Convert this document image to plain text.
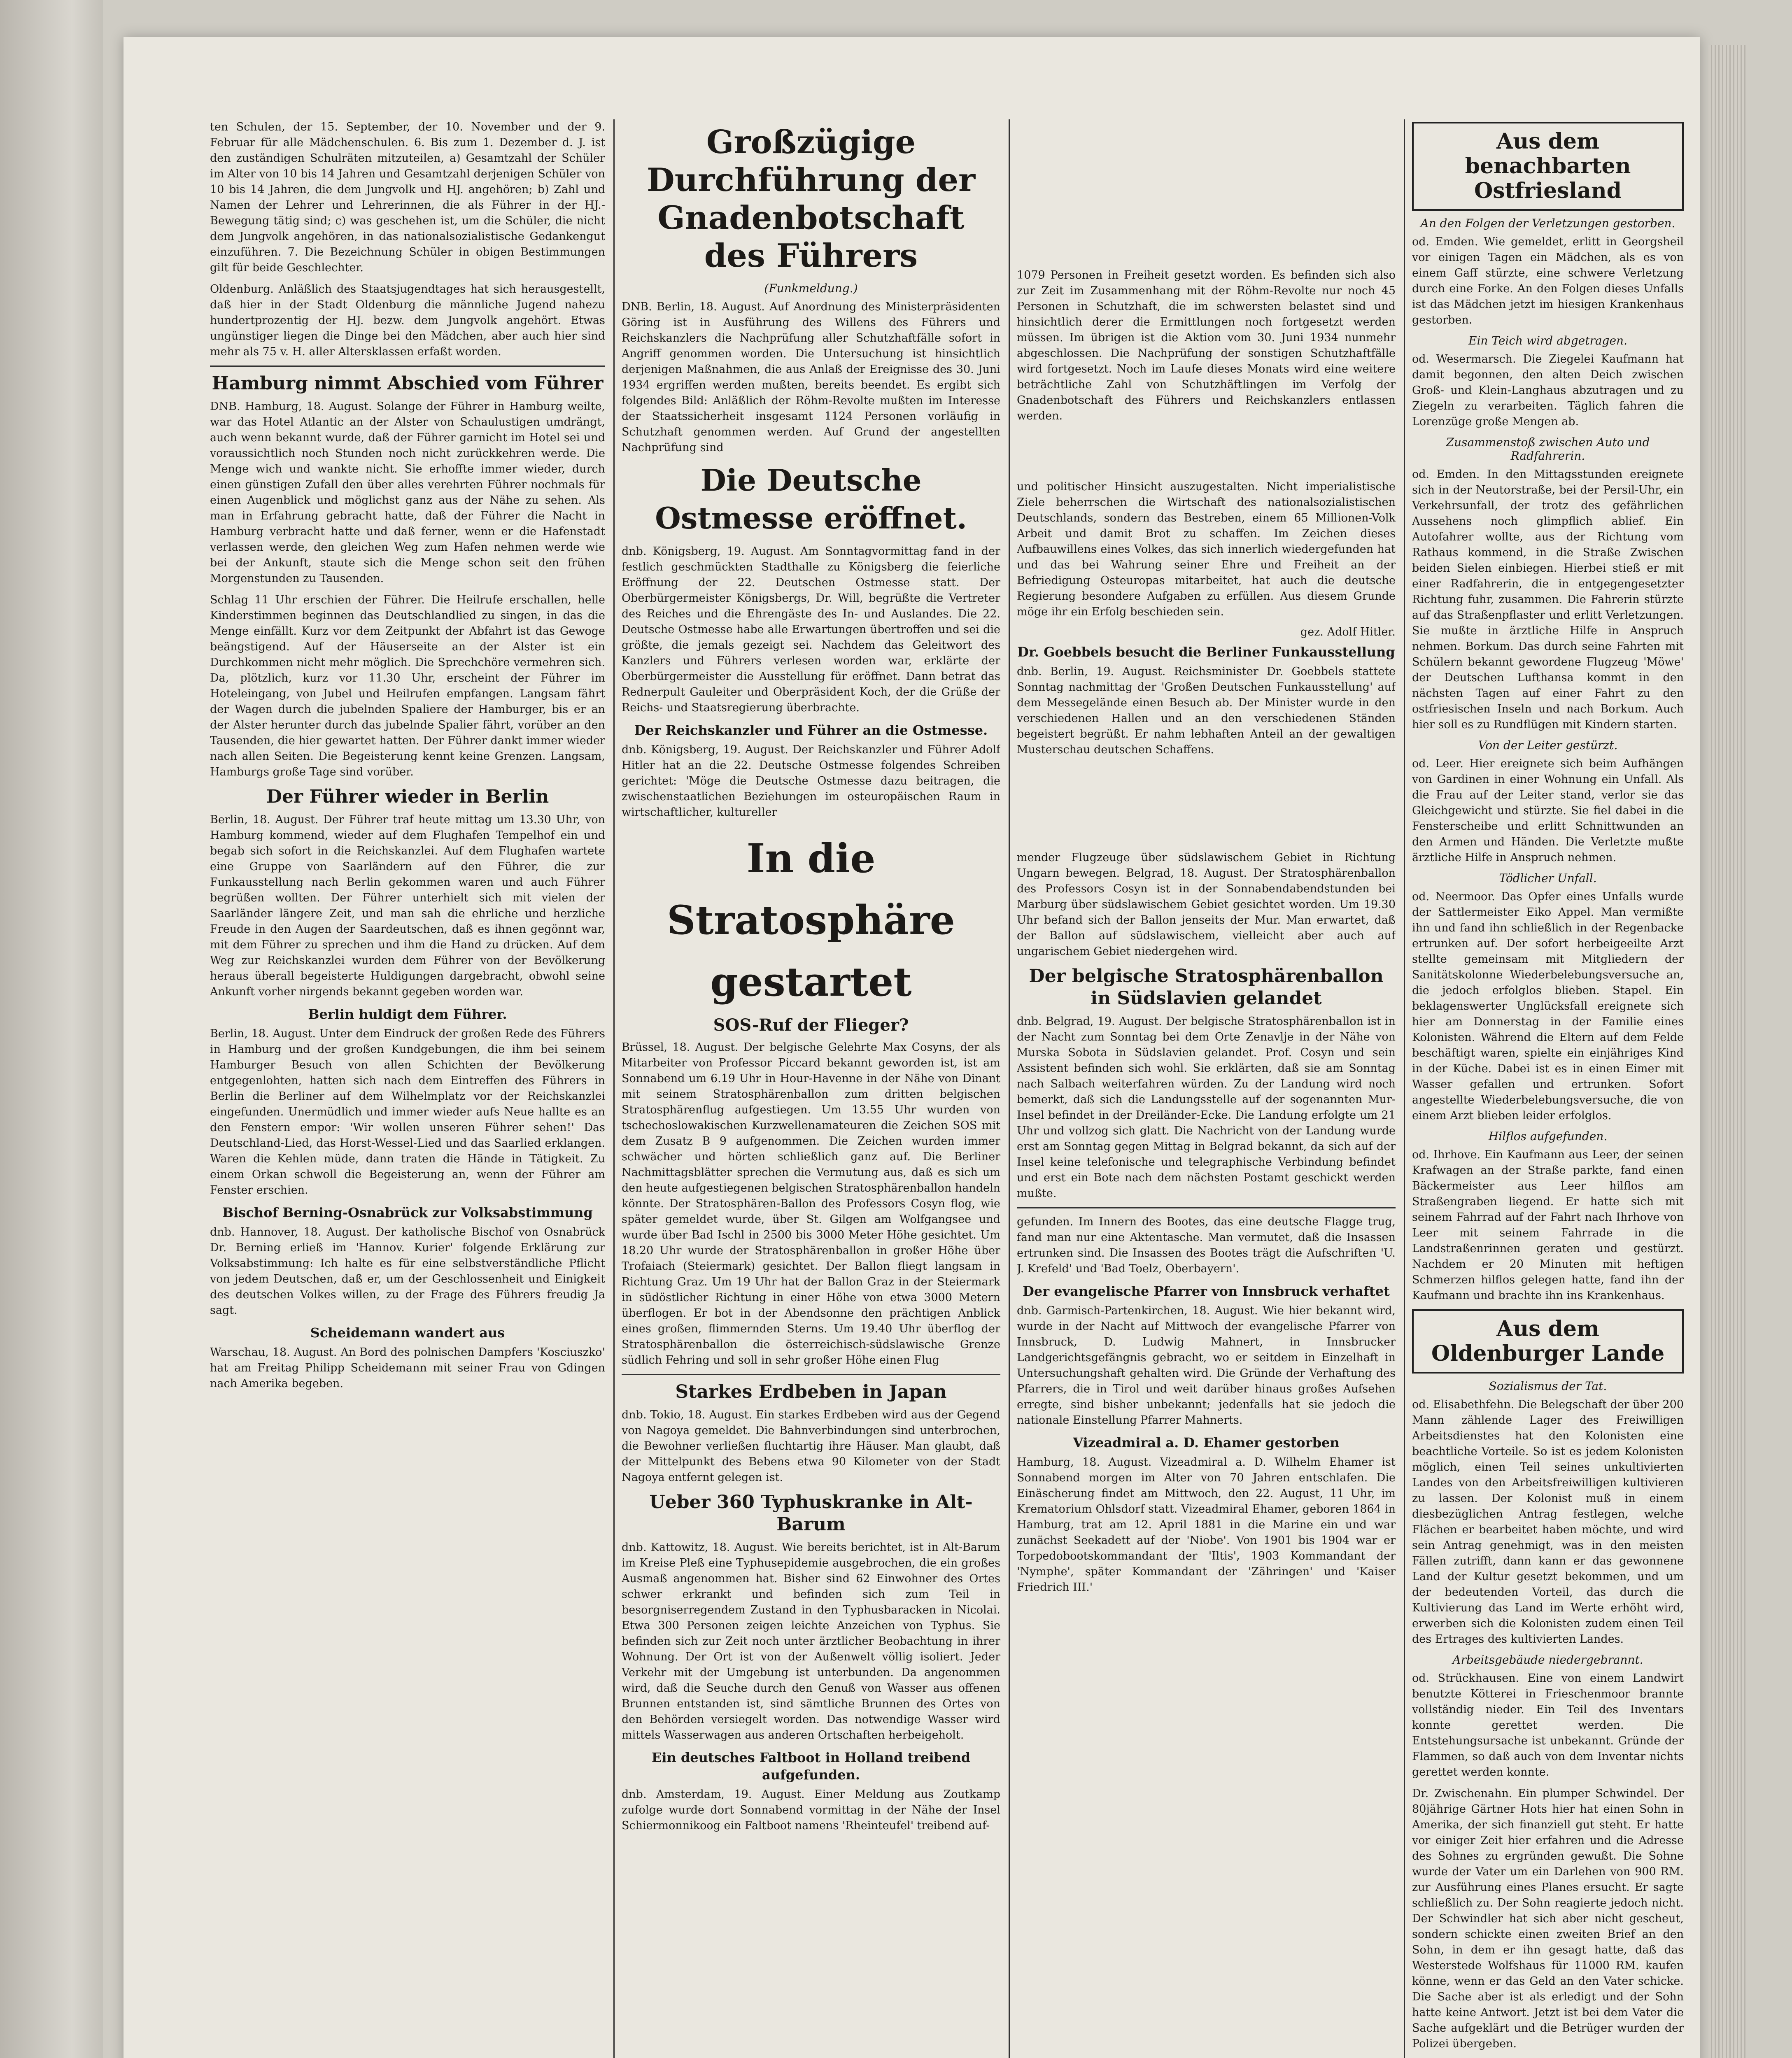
ten Schulen, der 15. September, der 10. November und der 9. Februar für alle Mädchenschulen. 6. Bis zum 1. Dezember d. J. ist den zuständigen Schulräten mitzuteilen, a) Gesamtzahl der Schüler im Alter von 10 bis 14 Jahren und Gesamtzahl derjenigen Schüler von 10 bis 14 Jahren, die dem Jungvolk und HJ. angehören; b) Zahl und Namen der Lehrer und Lehrerinnen, die als Führer in der HJ.-Bewegung tätig sind; c) was geschehen ist, um die Schüler, die nicht dem Jungvolk angehören, in das nationalsozialistische Gedankengut einzuführen. 7. Die Bezeichnung Schüler in obigen Bestimmungen gilt für beide Geschlechter.

Oldenburg. Anläßlich des Staatsjugendtages hat sich herausgestellt, daß hier in der Stadt Oldenburg die männliche Jugend nahezu hundertprozentig der HJ. bezw. dem Jungvolk angehört. Etwas ungünstiger liegen die Dinge bei den Mädchen, aber auch hier sind mehr als 75 v. H. aller Altersklassen erfaßt worden.

Hamburg nimmt Abschied vom Führer

DNB. Hamburg, 18. August. Solange der Führer in Hamburg weilte, war das Hotel Atlantic an der Alster von Schaulustigen umdrängt, auch wenn bekannt wurde, daß der Führer garnicht im Hotel sei und voraussichtlich noch Stunden noch nicht zurückkehren werde. Die Menge wich und wankte nicht. Sie erhoffte immer wieder, durch einen günstigen Zufall den über alles verehrten Führer nochmals für einen Augenblick und möglichst ganz aus der Nähe zu sehen. Als man in Erfahrung gebracht hatte, daß der Führer die Nacht in Hamburg verbracht hatte und daß ferner, wenn er die Hafenstadt verlassen werde, den gleichen Weg zum Hafen nehmen werde wie bei der Ankunft, staute sich die Menge schon seit den frühen Morgenstunden zu Tausenden.

Schlag 11 Uhr erschien der Führer. Die Heilrufe erschallen, helle Kinderstimmen beginnen das Deutschlandlied zu singen, in das die Menge einfällt. Kurz vor dem Zeitpunkt der Abfahrt ist das Gewoge beängstigend. Auf der Häuserseite an der Alster ist ein Durchkommen nicht mehr möglich. Die Sprechchöre vermehren sich. Da, plötzlich, kurz vor 11.30 Uhr, erscheint der Führer im Hoteleingang, von Jubel und Heilrufen empfangen. Langsam fährt der Wagen durch die jubelnden Spaliere der Hamburger, bis er an der Alster herunter durch das jubelnde Spalier fährt, vorüber an den Tausenden, die hier gewartet hatten. Der Führer dankt immer wieder nach allen Seiten. Die Begeisterung kennt keine Grenzen. Langsam, Hamburgs große Tage sind vorüber.

Der Führer wieder in Berlin

Berlin, 18. August. Der Führer traf heute mittag um 13.30 Uhr, von Hamburg kommend, wieder auf dem Flughafen Tempelhof ein und begab sich sofort in die Reichskanzlei. Auf dem Flughafen wartete eine Gruppe von Saarländern auf den Führer, die zur Funkausstellung nach Berlin gekommen waren und auch Führer begrüßen wollten. Der Führer unterhielt sich mit vielen der Saarländer längere Zeit, und man sah die ehrliche und herzliche Freude in den Augen der Saardeutschen, daß es ihnen gegönnt war, mit dem Führer zu sprechen und ihm die Hand zu drücken. Auf dem Weg zur Reichskanzlei wurden dem Führer von der Bevölkerung heraus überall begeisterte Huldigungen dargebracht, obwohl seine Ankunft vorher nirgends bekannt gegeben worden war.

Berlin huldigt dem Führer.

Berlin, 18. August. Unter dem Eindruck der großen Rede des Führers in Hamburg und der großen Kundgebungen, die ihm bei seinem Hamburger Besuch von allen Schichten der Bevölkerung entgegenlohten, hatten sich nach dem Eintreffen des Führers in Berlin die Berliner auf dem Wilhelmplatz vor der Reichskanzlei eingefunden. Unermüdlich und immer wieder aufs Neue hallte es an den Fenstern empor: 'Wir wollen unseren Führer sehen!' Das Deutschland-Lied, das Horst-Wessel-Lied und das Saarlied erklangen. Waren die Kehlen müde, dann traten die Hände in Tätigkeit. Zu einem Orkan schwoll die Begeisterung an, wenn der Führer am Fenster erschien.

Bischof Berning-Osnabrück zur Volksabstimmung

dnb. Hannover, 18. August. Der katholische Bischof von Osnabrück Dr. Berning erließ im 'Hannov. Kurier' folgende Erklärung zur Volksabstimmung: Ich halte es für eine selbstverständliche Pflicht von jedem Deutschen, daß er, um der Geschlossenheit und Einigkeit des deutschen Volkes willen, zu der Frage des Führers freudig Ja sagt.

Scheidemann wandert aus

Warschau, 18. August. An Bord des polnischen Dampfers 'Kosciuszko' hat am Freitag Philipp Scheidemann mit seiner Frau von Gdingen nach Amerika begeben.

Großzügige Durchführung der Gnadenbotschaft des Führers
(Funkmeldung.)

DNB. Berlin, 18. August. Auf Anordnung des Ministerpräsidenten Göring ist in Ausführung des Willens des Führers und Reichskanzlers die Nachprüfung aller Schutzhaftfälle sofort in Angriff genommen worden. Die Untersuchung ist hinsichtlich derjenigen Maßnahmen, die aus Anlaß der Ereignisse des 30. Juni 1934 ergriffen werden mußten, bereits beendet. Es ergibt sich folgendes Bild: Anläßlich der Röhm-Revolte mußten im Interesse der Staatssicherheit insgesamt 1124 Personen vorläufig in Schutzhaft genommen werden. Auf Grund der angestellten Nachprüfung sind

Die Deutsche Ostmesse eröffnet.

dnb. Königsberg, 19. August. Am Sonntagvormittag fand in der festlich geschmückten Stadthalle zu Königsberg die feierliche Eröffnung der 22. Deutschen Ostmesse statt. Der Oberbürgermeister Königsbergs, Dr. Will, begrüßte die Vertreter des Reiches und die Ehrengäste des In- und Auslandes. Die 22. Deutsche Ostmesse habe alle Erwartungen übertroffen und sei die größte, die jemals gezeigt sei. Nachdem das Geleitwort des Kanzlers und Führers verlesen worden war, erklärte der Oberbürgermeister die Ausstellung für eröffnet. Dann betrat das Rednerpult Gauleiter und Oberpräsident Koch, der die Grüße der Reichs- und Staatsregierung überbrachte.

Der Reichskanzler und Führer an die Ostmesse.

dnb. Königsberg, 19. August. Der Reichskanzler und Führer Adolf Hitler hat an die 22. Deutsche Ostmesse folgendes Schreiben gerichtet: 'Möge die Deutsche Ostmesse dazu beitragen, die zwischenstaatlichen Beziehungen im osteuropäischen Raum in wirtschaftlicher, kultureller

In die Stratosphäre gestartet
SOS-Ruf der Flieger?

Brüssel, 18. August. Der belgische Gelehrte Max Cosyns, der als Mitarbeiter von Professor Piccard bekannt geworden ist, ist am Sonnabend um 6.19 Uhr in Hour-Havenne in der Nähe von Dinant mit seinem Stratosphärenballon zum dritten belgischen Stratosphärenflug aufgestiegen. Um 13.55 Uhr wurden von tschechoslowakischen Kurzwellenamateuren die Zeichen SOS mit dem Zusatz B 9 aufgenommen. Die Zeichen wurden immer schwächer und hörten schließlich ganz auf. Die Berliner Nachmittagsblätter sprechen die Vermutung aus, daß es sich um den heute aufgestiegenen belgischen Stratosphärenballon handeln könnte. Der Stratosphären-Ballon des Professors Cosyn flog, wie später gemeldet wurde, über St. Gilgen am Wolfgangsee und wurde über Bad Ischl in 2500 bis 3000 Meter Höhe gesichtet. Um 18.20 Uhr wurde der Stratosphärenballon in großer Höhe über Trofaiach (Steiermark) gesichtet. Der Ballon fliegt langsam in Richtung Graz. Um 19 Uhr hat der Ballon Graz in der Steiermark in südöstlicher Richtung in einer Höhe von etwa 3000 Metern überflogen. Er bot in der Abendsonne den prächtigen Anblick eines großen, flimmernden Sterns. Um 19.40 Uhr überflog der Stratosphärenballon die österreichisch-südslawische Grenze südlich Fehring und soll in sehr großer Höhe einen Flug

Starkes Erdbeben in Japan

dnb. Tokio, 18. August. Ein starkes Erdbeben wird aus der Gegend von Nagoya gemeldet. Die Bahnverbindungen sind unterbrochen, die Bewohner verließen fluchtartig ihre Häuser. Man glaubt, daß der Mittelpunkt des Bebens etwa 90 Kilometer von der Stadt Nagoya entfernt gelegen ist.

Ueber 360 Typhuskranke in Alt-Barum

dnb. Kattowitz, 18. August. Wie bereits berichtet, ist in Alt-Barum im Kreise Pleß eine Typhusepidemie ausgebrochen, die ein großes Ausmaß angenommen hat. Bisher sind 62 Einwohner des Ortes schwer erkrankt und befinden sich zum Teil in besorgniserregendem Zustand in den Typhusbaracken in Nicolai. Etwa 300 Personen zeigen leichte Anzeichen von Typhus. Sie befinden sich zur Zeit noch unter ärztlicher Beobachtung in ihrer Wohnung. Der Ort ist von der Außenwelt völlig isoliert. Jeder Verkehr mit der Umgebung ist unterbunden. Da angenommen wird, daß die Seuche durch den Genuß von Wasser aus offenen Brunnen entstanden ist, sind sämtliche Brunnen des Ortes von den Behörden versiegelt worden. Das notwendige Wasser wird mittels Wasserwagen aus anderen Ortschaften herbeigeholt.

Ein deutsches Faltboot in Holland treibend aufgefunden.

dnb. Amsterdam, 19. August. Einer Meldung aus Zoutkamp zufolge wurde dort Sonnabend vormittag in der Nähe der Insel Schiermonnikoog ein Faltboot namens 'Rheinteufel' treibend auf-

1079 Personen in Freiheit gesetzt worden. Es befinden sich also zur Zeit im Zusammenhang mit der Röhm-Revolte nur noch 45 Personen in Schutzhaft, die im schwersten belastet sind und hinsichtlich derer die Ermittlungen noch fortgesetzt werden müssen. Im übrigen ist die Aktion vom 30. Juni 1934 nunmehr abgeschlossen. Die Nachprüfung der sonstigen Schutzhaftfälle wird fortgesetzt. Noch im Laufe dieses Monats wird eine weitere beträchtliche Zahl von Schutzhäftlingen im Verfolg der Gnadenbotschaft des Führers und Reichskanzlers entlassen werden.

und politischer Hinsicht auszugestalten. Nicht imperialistische Ziele beherrschen die Wirtschaft des nationalsozialistischen Deutschlands, sondern das Bestreben, einem 65 Millionen-Volk Arbeit und damit Brot zu schaffen. Im Zeichen dieses Aufbauwillens eines Volkes, das sich innerlich wiedergefunden hat und das bei Wahrung seiner Ehre und Freiheit an der Befriedigung Osteuropas mitarbeitet, hat auch die deutsche Regierung besondere Aufgaben zu erfüllen. Aus diesem Grunde möge ihr ein Erfolg beschieden sein.

gez. Adolf Hitler.
Dr. Goebbels besucht die Berliner Funkausstellung

dnb. Berlin, 19. August. Reichsminister Dr. Goebbels stattete Sonntag nachmittag der 'Großen Deutschen Funkausstellung' auf dem Messegelände einen Besuch ab. Der Minister wurde in den verschiedenen Hallen und an den verschiedenen Ständen begeistert begrüßt. Er nahm lebhaften Anteil an der gewaltigen Musterschau deutschen Schaffens.

mender Flugzeuge über südslawischem Gebiet in Richtung Ungarn bewegen. Belgrad, 18. August. Der Stratosphärenballon des Professors Cosyn ist in der Sonnabendabendstunden bei Marburg über südslawischem Gebiet gesichtet worden. Um 19.30 Uhr befand sich der Ballon jenseits der Mur. Man erwartet, daß der Ballon auf südslawischem, vielleicht aber auch auf ungarischem Gebiet niedergehen wird.

Der belgische Stratosphärenballon in Südslavien gelandet

dnb. Belgrad, 19. August. Der belgische Stratosphärenballon ist in der Nacht zum Sonntag bei dem Orte Zenavlje in der Nähe von Murska Sobota in Südslavien gelandet. Prof. Cosyn und sein Assistent befinden sich wohl. Sie erklärten, daß sie am Sonntag nach Salbach weiterfahren würden. Zu der Landung wird noch bemerkt, daß sich die Landungsstelle auf der sogenannten Mur-Insel befindet in der Dreiländer-Ecke. Die Landung erfolgte um 21 Uhr und vollzog sich glatt. Die Nachricht von der Landung wurde erst am Sonntag gegen Mittag in Belgrad bekannt, da sich auf der Insel keine telefonische und telegraphische Verbindung befindet und erst ein Bote nach dem nächsten Postamt geschickt werden mußte.

gefunden. Im Innern des Bootes, das eine deutsche Flagge trug, fand man nur eine Aktentasche. Man vermutet, daß die Insassen ertrunken sind. Die Insassen des Bootes trägt die Aufschriften 'U. J. Krefeld' und 'Bad Toelz, Oberbayern'.

Der evangelische Pfarrer von Innsbruck verhaftet

dnb. Garmisch-Partenkirchen, 18. August. Wie hier bekannt wird, wurde in der Nacht auf Mittwoch der evangelische Pfarrer von Innsbruck, D. Ludwig Mahnert, in Innsbrucker Landgerichtsgefängnis gebracht, wo er seitdem in Einzelhaft in Untersuchungshaft gehalten wird. Die Gründe der Verhaftung des Pfarrers, die in Tirol und weit darüber hinaus großes Aufsehen erregte, sind bisher unbekannt; jedenfalls hat sie jedoch die nationale Einstellung Pfarrer Mahnerts.

Vizeadmiral a. D. Ehamer gestorben

Hamburg, 18. August. Vizeadmiral a. D. Wilhelm Ehamer ist Sonnabend morgen im Alter von 70 Jahren entschlafen. Die Einäscherung findet am Mittwoch, den 22. August, 11 Uhr, im Krematorium Ohlsdorf statt. Vizeadmiral Ehamer, geboren 1864 in Hamburg, trat am 12. April 1881 in die Marine ein und war zunächst Seekadett auf der 'Niobe'. Von 1901 bis 1904 war er Torpedobootskommandant der 'Iltis', 1903 Kommandant der 'Nymphe', später Kommandant der 'Zähringen' und 'Kaiser Friedrich III.'

Aus dem benachbarten Ostfriesland
An den Folgen der Verletzungen gestorben.

od. Emden. Wie gemeldet, erlitt in Georgsheil vor einigen Tagen ein Mädchen, als es von einem Gaff stürzte, eine schwere Verletzung durch eine Forke. An den Folgen dieses Unfalls ist das Mädchen jetzt im hiesigen Krankenhaus gestorben.

Ein Teich wird abgetragen.

od. Wesermarsch. Die Ziegelei Kaufmann hat damit begonnen, den alten Deich zwischen Groß- und Klein-Langhaus abzutragen und zu Ziegeln zu verarbeiten. Täglich fahren die Lorenzüge große Mengen ab.

Zusammenstoß zwischen Auto und Radfahrerin.

od. Emden. In den Mittagsstunden ereignete sich in der Neutorstraße, bei der Persil-Uhr, ein Verkehrsunfall, der trotz des gefährlichen Aussehens noch glimpflich ablief. Ein Autofahrer wollte, aus der Richtung vom Rathaus kommend, in die Straße Zwischen beiden Sielen einbiegen. Hierbei stieß er mit einer Radfahrerin, die in entgegengesetzter Richtung fuhr, zusammen. Die Fahrerin stürzte auf das Straßenpflaster und erlitt Verletzungen. Sie mußte in ärztliche Hilfe in Anspruch nehmen. Borkum. Das durch seine Fahrten mit Schülern bekannt gewordene Flugzeug 'Möwe' der Deutschen Lufthansa kommt in den nächsten Tagen auf einer Fahrt zu den ostfriesischen Inseln und nach Borkum. Auch hier soll es zu Rundflügen mit Kindern starten.

Von der Leiter gestürzt.

od. Leer. Hier ereignete sich beim Aufhängen von Gardinen in einer Wohnung ein Unfall. Als die Frau auf der Leiter stand, verlor sie das Gleichgewicht und stürzte. Sie fiel dabei in die Fensterscheibe und erlitt Schnittwunden an den Armen und Händen. Die Verletzte mußte ärztliche Hilfe in Anspruch nehmen.

Tödlicher Unfall.

od. Neermoor. Das Opfer eines Unfalls wurde der Sattlermeister Eiko Appel. Man vermißte ihn und fand ihn schließlich in der Regenbacke ertrunken auf. Der sofort herbeigeeilte Arzt stellte gemeinsam mit Mitgliedern der Sanitätskolonne Wiederbelebungsversuche an, die jedoch erfolglos blieben. Stapel. Ein beklagenswerter Unglücksfall ereignete sich hier am Donnerstag in der Familie eines Kolonisten. Während die Eltern auf dem Felde beschäftigt waren, spielte ein einjähriges Kind in der Küche. Dabei ist es in einen Eimer mit Wasser gefallen und ertrunken. Sofort angestellte Wiederbelebungsversuche, die von einem Arzt blieben leider erfolglos.

Hilflos aufgefunden.

od. Ihrhove. Ein Kaufmann aus Leer, der seinen Krafwagen an der Straße parkte, fand einen Bäckermeister aus Leer hilflos am Straßengraben liegend. Er hatte sich mit seinem Fahrrad auf der Fahrt nach Ihrhove von Leer mit seinem Fahrrade in die Landstraßenrinnen geraten und gestürzt. Nachdem er 20 Minuten mit heftigen Schmerzen hilflos gelegen hatte, fand ihn der Kaufmann und brachte ihn ins Krankenhaus.

Aus dem Oldenburger Lande
Sozialismus der Tat.

od. Elisabethfehn. Die Belegschaft der über 200 Mann zählende Lager des Freiwilligen Arbeitsdienstes hat den Kolonisten eine beachtliche Vorteile. So ist es jedem Kolonisten möglich, einen Teil seines unkultivierten Landes von den Arbeitsfreiwilligen kultivieren zu lassen. Der Kolonist muß in einem diesbezüglichen Antrag festlegen, welche Flächen er bearbeitet haben möchte, und wird sein Antrag genehmigt, was in den meisten Fällen zutrifft, dann kann er das gewonnene Land der Kultur gesetzt bekommen, und um der bedeutenden Vorteil, das durch die Kultivierung das Land im Werte erhöht wird, erwerben sich die Kolonisten zudem einen Teil des Ertrages des kultivierten Landes.

Arbeitsgebäude niedergebrannt.

od. Strückhausen. Eine von einem Landwirt benutzte Kötterei in Frieschenmoor brannte vollständig nieder. Ein Teil des Inventars konnte gerettet werden. Die Entstehungsursache ist unbekannt. Gründe der Flammen, so daß auch von dem Inventar nichts gerettet werden konnte.

Dr. Zwischenahn. Ein plumper Schwindel. Der 80jährige Gärtner Hots hier hat einen Sohn in Amerika, der sich finanziell gut steht. Er hatte vor einiger Zeit hier erfahren und die Adresse des Sohnes zu ergründen gewußt. Die Sohne wurde der Vater um ein Darlehen von 900 RM. zur Ausführung eines Planes ersucht. Er sagte schließlich zu. Der Sohn reagierte jedoch nicht. Der Schwindler hat sich aber nicht gescheut, sondern schickte einen zweiten Brief an den Sohn, in dem er ihn gesagt hatte, daß das Westerstede Wolfshaus für 11000 RM. kaufen könne, wenn er das Geld an den Vater schicke. Die Sache aber ist als erledigt und der Sohn hatte keine Antwort. Jetzt ist bei dem Vater die Sache aufgeklärt und die Betrüger wurden der Polizei übergeben.
